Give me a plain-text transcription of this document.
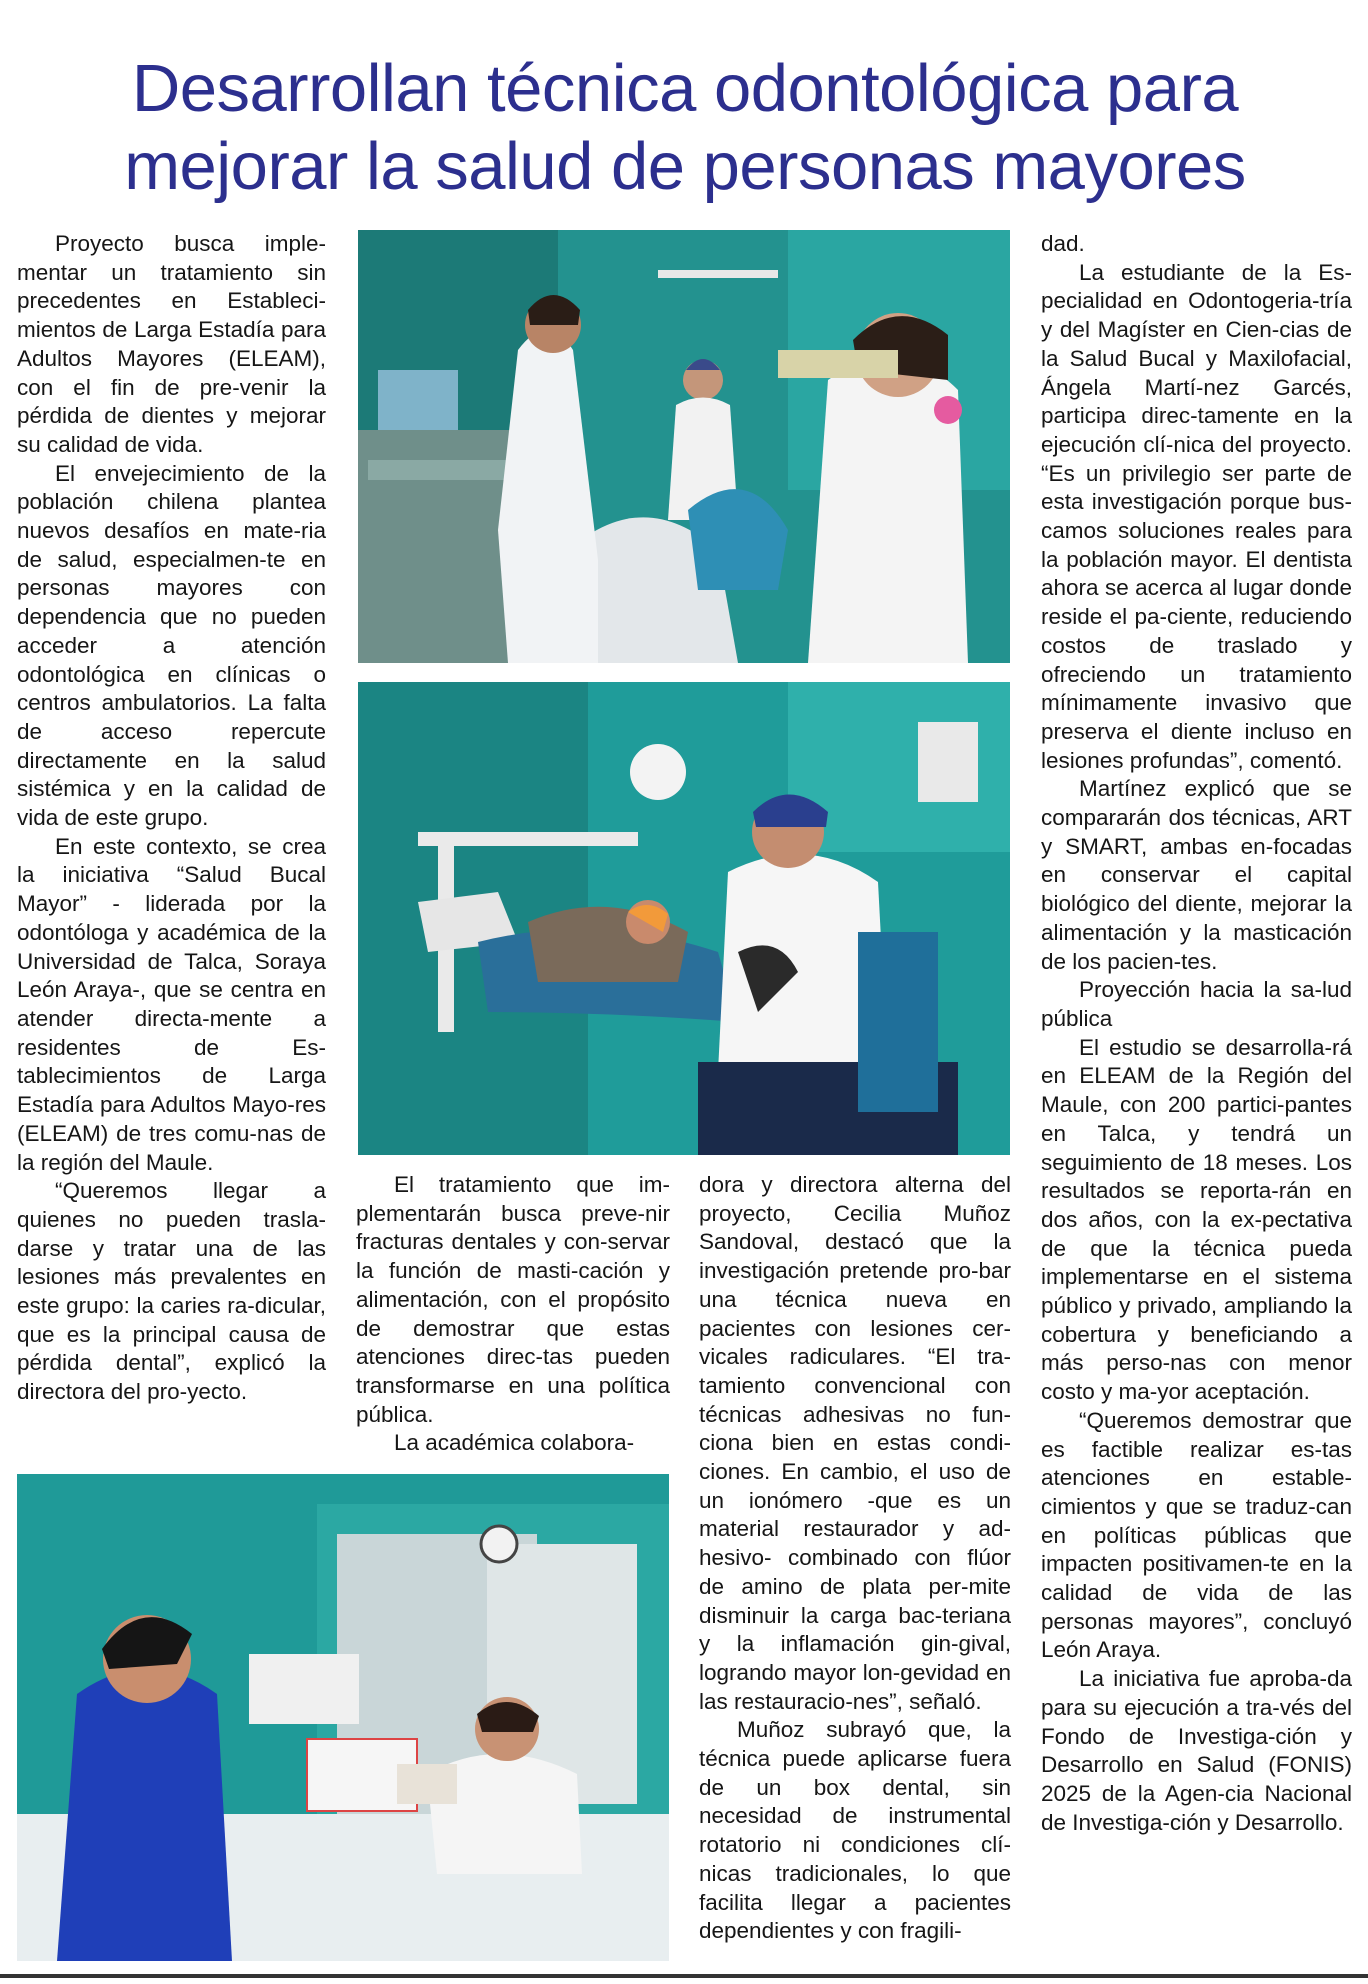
Desarrollan técnica odontológica para mejorar la salud de personas mayores

Proyecto busca imple-mentar un tratamiento sin precedentes en Estableci-mientos de Larga Estadía para Adultos Mayores (ELEAM), con el fin de pre-venir la pérdida de dientes y mejorar su calidad de vida.

El envejecimiento de la población chilena plantea nuevos desafíos en mate-ria de salud, especialmen-te en personas mayores con dependencia que no pueden acceder a atención odontológica en clínicas o centros ambulatorios. La falta de acceso repercute directamente en la salud sistémica y en la calidad de vida de este grupo.

En este contexto, se crea la iniciativa “Salud Bucal Mayor” - liderada por la odontóloga y académica de la Universidad de Talca, Soraya León Araya-, que se centra en atender directa-mente a residentes de Es-tablecimientos de Larga Estadía para Adultos Mayo-res (ELEAM) de tres comu-nas de la región del Maule.

“Queremos llegar a quienes no pueden trasla-darse y tratar una de las lesiones más prevalentes en este grupo: la caries ra-dicular, que es la principal causa de pérdida dental”, explicó la directora del pro-yecto.

El tratamiento que im-plementarán busca preve-nir fracturas dentales y con-servar la función de masti-cación y alimentación, con el propósito de demostrar que estas atenciones direc-tas pueden transformarse en una política pública.

La académica colabora-

dora y directora alterna del proyecto, Cecilia Muñoz Sandoval, destacó que la investigación pretende pro-bar una técnica nueva en pacientes con lesiones cer-vicales radiculares. “El tra-tamiento convencional con técnicas adhesivas no fun-ciona bien en estas condi-ciones. En cambio, el uso de un ionómero -que es un material restaurador y ad-hesivo- combinado con flúor de amino de plata per-mite disminuir la carga bac-teriana y la inflamación gin-gival, logrando mayor lon-gevidad en las restauracio-nes”, señaló.

Muñoz subrayó que, la técnica puede aplicarse fuera de un box dental, sin necesidad de instrumental rotatorio ni condiciones clí-nicas tradicionales, lo que facilita llegar a pacientes dependientes y con fragili-

dad.

La estudiante de la Es-pecialidad en Odontogeria-tría y del Magíster en Cien-cias de la Salud Bucal y Maxilofacial, Ángela Martí-nez Garcés, participa direc-tamente en la ejecución clí-nica del proyecto. “Es un privilegio ser parte de esta investigación porque bus-camos soluciones reales para la población mayor. El dentista ahora se acerca al lugar donde reside el pa-ciente, reduciendo costos de traslado y ofreciendo un tratamiento mínimamente invasivo que preserva el diente incluso en lesiones profundas”, comentó.

Martínez explicó que se compararán dos técnicas, ART y SMART, ambas en-focadas en conservar el capital biológico del diente, mejorar la alimentación y la masticación de los pacien-tes.

Proyección hacia la sa-lud pública

El estudio se desarrolla-rá en ELEAM de la Región del Maule, con 200 partici-pantes en Talca, y tendrá un seguimiento de 18 meses. Los resultados se reporta-rán en dos años, con la ex-pectativa de que la técnica pueda implementarse en el sistema público y privado, ampliando la cobertura y beneficiando a más perso-nas con menor costo y ma-yor aceptación.

“Queremos demostrar que es factible realizar es-tas atenciones en estable-cimientos y que se traduz-can en políticas públicas que impacten positivamen-te en la calidad de vida de las personas mayores”, concluyó León Araya.

La iniciativa fue aproba-da para su ejecución a tra-vés del Fondo de Investiga-ción y Desarrollo en Salud (FONIS) 2025 de la Agen-cia Nacional de Investiga-ción y Desarrollo.
